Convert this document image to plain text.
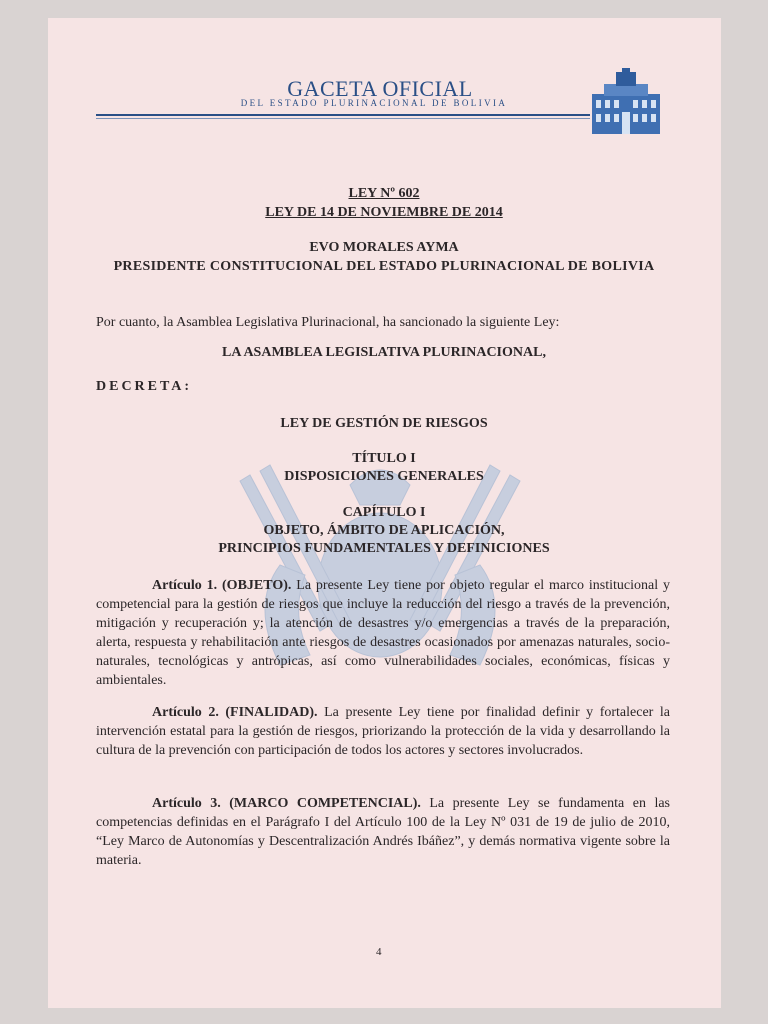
GACETA OFICIAL
DEL ESTADO PLURINACIONAL DE BOLIVIA
LEY Nº 602
LEY DE 14 DE NOVIEMBRE DE 2014
EVO MORALES AYMA
PRESIDENTE CONSTITUCIONAL DEL ESTADO PLURINACIONAL DE BOLIVIA

Por cuanto, la Asamblea Legislativa Plurinacional, ha sancionado la siguiente Ley:

LA ASAMBLEA LEGISLATIVA PLURINACIONAL,
DECRETA:
LEY DE GESTIÓN DE RIESGOS
TÍTULO I
DISPOSICIONES GENERALES
CAPÍTULO I
OBJETO, ÁMBITO DE APLICACIÓN,
PRINCIPIOS FUNDAMENTALES Y DEFINICIONES

Artículo 1. (OBJETO). La presente Ley tiene por objeto regular el marco institucional y competencial para la gestión de riesgos que incluye la reducción del riesgo a través de la prevención, mitigación y recuperación y; la atención de desastres y/o emergencias a través de la preparación, alerta, respuesta y rehabilitación ante riesgos de desastres ocasionados por amenazas naturales, socio-naturales, tecnológicas y antrópicas, así como vulnerabilidades sociales, económicas, físicas y ambientales.

Artículo 2. (FINALIDAD). La presente Ley tiene por finalidad definir y fortalecer la intervención estatal para la gestión de riesgos, priorizando la protección de la vida y desarrollando la cultura de la prevención con participación de todos los actores y sectores involucrados.

Artículo 3. (MARCO COMPETENCIAL). La presente Ley se fundamenta en las competencias definidas en el Parágrafo I del Artículo 100 de la Ley Nº 031 de 19 de julio de 2010, “Ley Marco de Autonomías y Descentralización Andrés Ibáñez”, y demás normativa vigente sobre la materia.

4
